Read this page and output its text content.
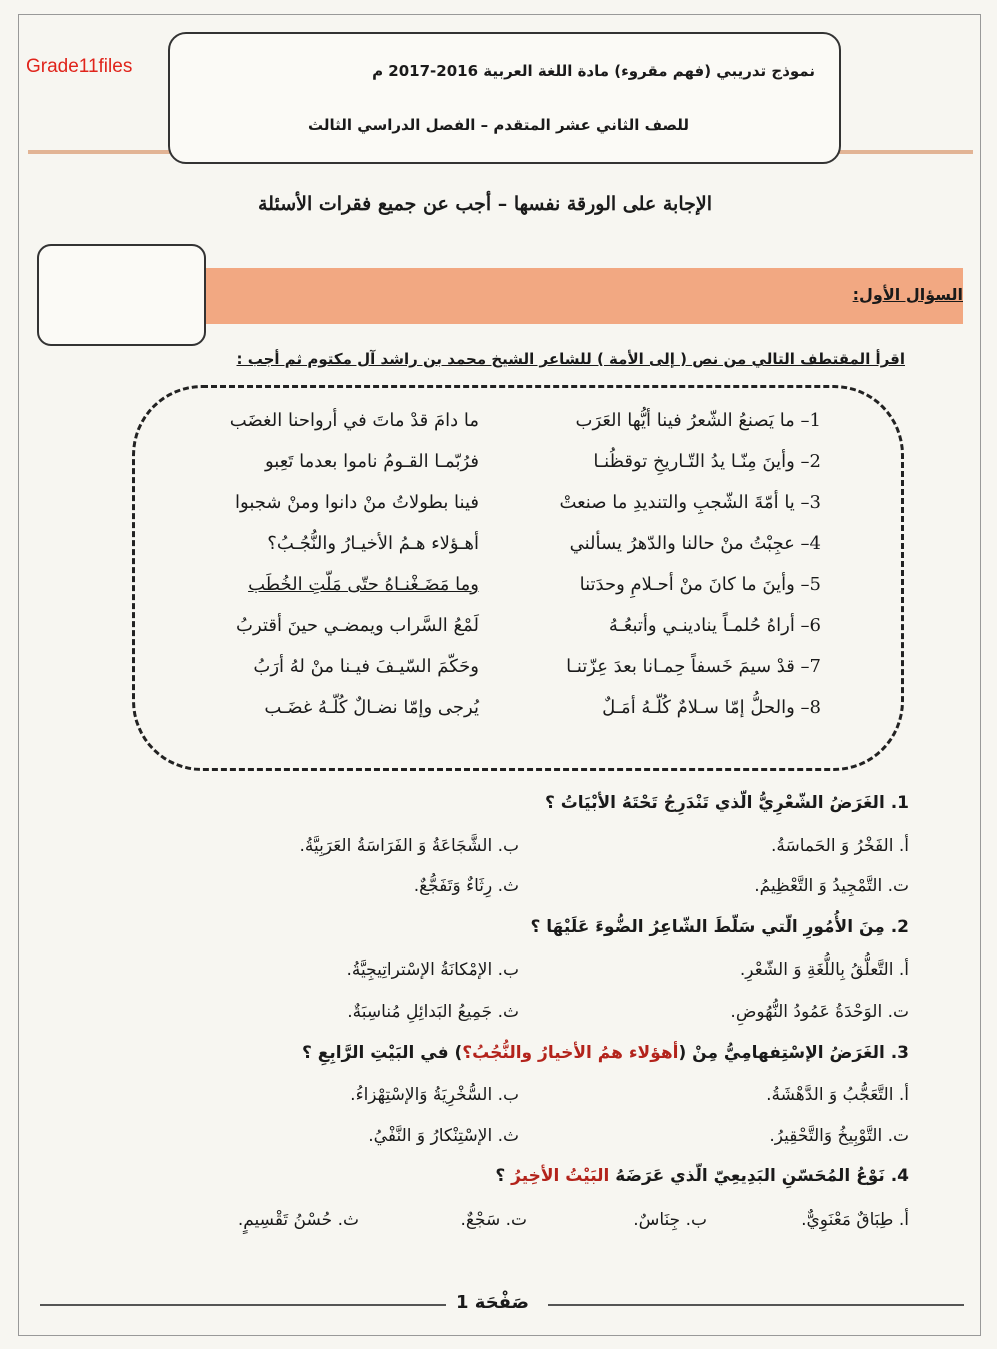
Grade11files	نموذج تدريبي (فهم مقروء) مادة اللغة العربية 2016-2017 م
للصف الثاني عشر المتقدم – الفصل الدراسي الثالث
الإجابة على الورقة نفسها – أجب عن جميع فقرات الأسئلة
السؤال الأول:
اقرأ المقتطف التالي من نص ( إلى الأمة ) للشاعر الشيخ محمد بن راشد آل مكتوم ثم أجب :
1– ما يَصنعُ الشّعرُ فينا أيُّها العَرَب
ما دامَ قدْ ماتَ في أرواحنا الغضَب
2– وأينَ مِنّـا يدُ التّـاريخِ توقظُنـا
فرُبّمـا القـومُ ناموا بعدما تَعِبو
3– يا أمّةَ الشّجبِ والتنديدِ ما صنعتْ
فينا بطولاتُ منْ دانوا ومنْ شجبوا
4– عجِبْتُ منْ حالنا والدّهرُ يسألني
أهـؤلاء هـمُ الأخيـارُ والنُّجُـبُ؟
5– وأينَ ما كانَ منْ أحـلامِ وحدَتنا
وما مَضَـغْنـاهُ حتّى مَلّتِ الخُطَب
6– أراهُ حُلمـاً ينادينـي وأتبعُـهُ
لَمْعُ السَّراب ويمضـي حينَ أقتربُ
7– قدْ سيمَ خَسفاً حِمـانا بعدَ عِزّتنـا
وحَكّمَ السّيـفَ فيـنا منْ لهُ أرَبُ
8– والحلُّ إمّا سـلامٌ كُلّـهُ أمَـلٌ
يُرجى وإمّا نضـالٌ كُلّـهُ غضَـب
1. الغَرَضُ الشّعْرِيُّ الّذي تَنْدَرِجُ تَحْتَهُ الأبْيَاتُ ؟
أ. الفَخْرُ وَ الحَماسَةُ.
ب. الشَّجَاعَةُ وَ الفَرَاسَةُ العَرَبِيَّةُ.
ت. التَّمْجِيدُ وَ التَّعْظِيمُ.
ث. رِثَاءٌ وَتَفَجُّعٌ.
2. مِنَ الأُمُورِ الّتي سَلّطَ الشّاعِرُ الضُّوءَ عَلَيْهَا ؟
أ. التَّعلُّقُ بِاللُّغَةِ وَ الشّعْرِ.
ب. الإمْكانَةُ الإسْتراتِيجِيَّةُ.
ت. الوَحْدَةُ عَمُودُ النُّهُوضِ.
ث. جَمِيعُ البَدائِلِ مُناسِبَةٌ.
3. الغَرَضُ الإسْتِفهامِيُّ مِنْ (أهؤلاء همُ الأخيارُ والنُّجُبُ؟) في البَيْتِ الرَّابِعِ ؟
أ. التَّعَجُّبُ وَ الدَّهْشَةُ.
ب. السُّخْرِيَةُ وَالإسْتِهْزاءُ.
ت. التَّوْبِيخُ وَالتَّحْقِيرُ.
ث. الإسْتِنْكارُ وَ النَّفْيُ.
4. نَوْعُ المُحَسّنِ البَدِيعِيّ الّذي عَرَضَهُ البَيْتُ الأخِيرُ ؟
أ. طِبَاقٌ مَعْنَوِيٌّ.
ب. جِنَاسٌ.
ت. سَجْعٌ.
ث. حُسْنُ تَقْسِيمٍ.
صَفْحَة 1
